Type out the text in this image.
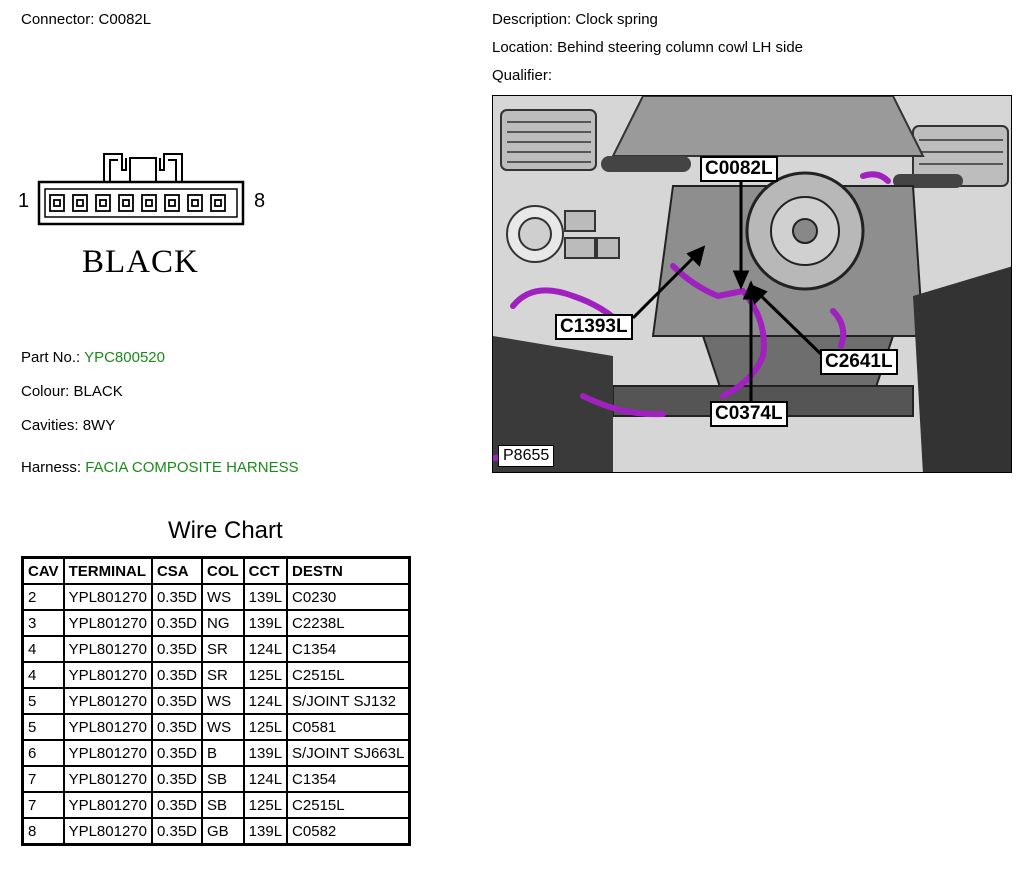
Connector: C0082L	Description: Clock spring
Location: Behind steering column cowl LH side
Qualifier:
1	8
BLACK
Part No.: YPC800520
Colour: BLACK
Cavities: 8WY
Harness: FACIA COMPOSITE HARNESS
C0082L
C1393L
C2641L
C0374L
P8655
Wire Chart
CAV	TERMINAL	CSA	COL	CCT	DESTN
2	YPL801270	0.35D	WS	139L	C0230
3	YPL801270	0.35D	NG	139L	C2238L
4	YPL801270	0.35D	SR	124L	C1354
4	YPL801270	0.35D	SR	125L	C2515L
5	YPL801270	0.35D	WS	124L	S/JOINT SJ132
5	YPL801270	0.35D	WS	125L	C0581
6	YPL801270	0.35D	B	139L	S/JOINT SJ663L
7	YPL801270	0.35D	SB	124L	C1354
7	YPL801270	0.35D	SB	125L	C2515L
8	YPL801270	0.35D	GB	139L	C0582
